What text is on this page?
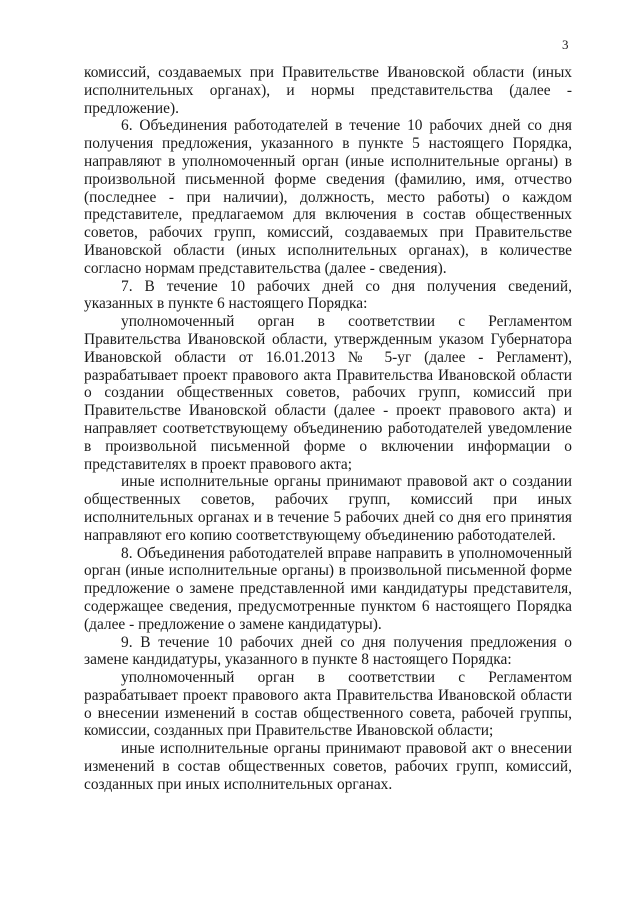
3

комиссий, создаваемых при Правительстве Ивановской области (иных исполнительных органах), и нормы представительства (далее - предложение).

6. Объединения работодателей в течение 10 рабочих дней со дня получения предложения, указанного в пункте 5 настоящего Порядка, направляют в уполномоченный орган (иные исполнительные органы) в произвольной письменной форме сведения (фамилию, имя, отчество (последнее - при наличии), должность, место работы) о каждом представителе, предлагаемом для включения в состав общественных советов, рабочих групп, комиссий, создаваемых при Правительстве Ивановской области (иных исполнительных органах), в количестве согласно нормам представительства (далее - сведения).

7. В течение 10 рабочих дней со дня получения сведений, указанных в пункте 6 настоящего Порядка:

уполномоченный орган в соответствии с Регламентом Правительства Ивановской области, утвержденным указом Губернатора Ивановской области от 16.01.2013 № 5-уг (далее - Регламент), разрабатывает проект правового акта Правительства Ивановской области о создании общественных советов, рабочих групп, комиссий при Правительстве Ивановской области (далее - проект правового акта) и направляет соответствующему объединению работодателей уведомление в произвольной письменной форме о включении информации о представителях в проект правового акта;

иные исполнительные органы принимают правовой акт о создании общественных советов, рабочих групп, комиссий при иных исполнительных органах и в течение 5 рабочих дней со дня его принятия направляют его копию соответствующему объединению работодателей.

8. Объединения работодателей вправе направить в уполномоченный орган (иные исполнительные органы) в произвольной письменной форме предложение о замене представленной ими кандидатуры представителя, содержащее сведения, предусмотренные пунктом 6 настоящего Порядка (далее - предложение о замене кандидатуры).

9. В течение 10 рабочих дней со дня получения предложения о замене кандидатуры, указанного в пункте 8 настоящего Порядка:

уполномоченный орган в соответствии с Регламентом разрабатывает проект правового акта Правительства Ивановской области о внесении изменений в состав общественного совета, рабочей группы, комиссии, созданных при Правительстве Ивановской области;

иные исполнительные органы принимают правовой акт о внесении изменений в состав общественных советов, рабочих групп, комиссий, созданных при иных исполнительных органах.
